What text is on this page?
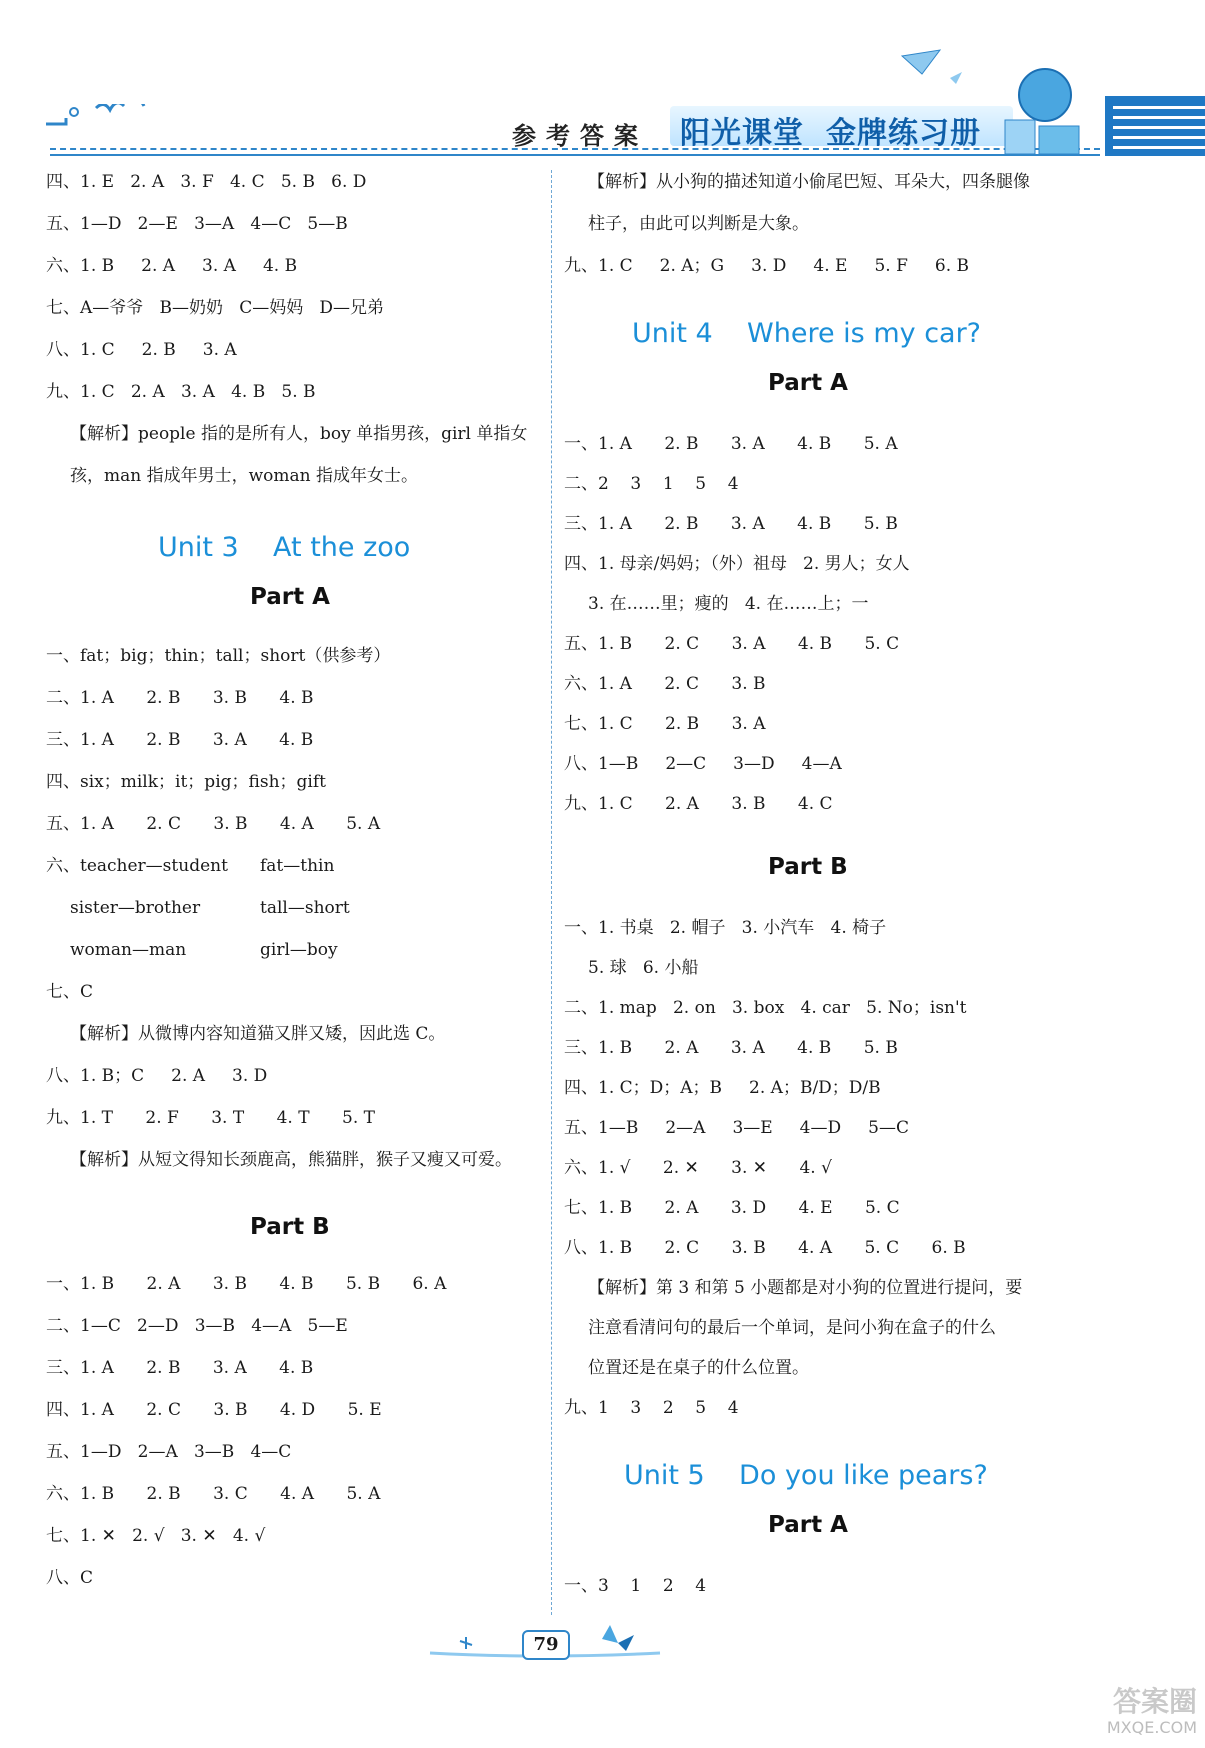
参考答案	阳光课堂 金牌练习册
四、1. E   2. A   3. F   4. C   5. B   6. D
五、1—D   2—E   3—A   4—C   5—B
六、1. B     2. A     3. A     4. B
七、A—爷爷   B—奶奶   C—妈妈   D—兄弟
八、1. C     2. B     3. A
九、1. C   2. A   3. A   4. B   5. B
【解析】people 指的是所有人，boy 单指男孩，girl 单指女
孩，man 指成年男士，woman 指成年女士。
Unit 3    At the zoo
Part A
一、fat；big；thin；tall；short（供参考）
二、1. A      2. B      3. B      4. B
三、1. A      2. B      3. A      4. B
四、six；milk；it；pig；fish；gift
五、1. A      2. C      3. B      4. A      5. A
六、teacher—student fat—thin
sister—brother	tall—short
woman—man	girl—boy
七、C
【解析】从微博内容知道猫又胖又矮，因此选 C。
八、1. B；C     2. A     3. D
九、1. T      2. F      3. T      4. T      5. T
【解析】从短文得知长颈鹿高，熊猫胖，猴子又瘦又可爱。
Part B
一、1. B      2. A      3. B      4. B      5. B      6. A
二、1—C   2—D   3—B   4—A   5—E
三、1. A      2. B      3. A      4. B
四、1. A      2. C      3. B      4. D      5. E
五、1—D   2—A   3—B   4—C
六、1. B      2. B      3. C      4. A      5. A
七、1. ✕   2. √   3. ✕   4. √
八、C
【解析】从小狗的描述知道小偷尾巴短、耳朵大，四条腿像
柱子，由此可以判断是大象。
九、1. C     2. A；G     3. D     4. E     5. F     6. B
Unit 4    Where is my car?
Part A
一、1. A      2. B      3. A      4. B      5. A
二、2    3    1    5    4
三、1. A      2. B      3. A      4. B      5. B
四、1. 母亲/妈妈；（外）祖母   2. 男人；女人
3. 在……里；瘦的   4. 在……上；一
五、1. B      2. C      3. A      4. B      5. C
六、1. A      2. C      3. B
七、1. C      2. B      3. A
八、1—B     2—C     3—D     4—A
九、1. C      2. A      3. B      4. C
Part B
一、1. 书桌   2. 帽子   3. 小汽车   4. 椅子
5. 球   6. 小船
二、1. map   2. on   3. box   4. car   5. No；isn't
三、1. B      2. A      3. A      4. B      5. B
四、1. C；D；A；B     2. A；B/D；D/B
五、1—B     2—A     3—E     4—D     5—C
六、1. √      2. ✕      3. ✕      4. √
七、1. B      2. A      3. D      4. E      5. C
八、1. B      2. C      3. B      4. A      5. C      6. B
【解析】第 3 和第 5 小题都是对小狗的位置进行提问，要
注意看清问句的最后一个单词，是问小狗在盒子的什么
位置还是在桌子的什么位置。
九、1    3    2    5    4
Unit 5    Do you like pears?
Part A
一、3    1    2    4
79
答案圈
MXQE.COM
